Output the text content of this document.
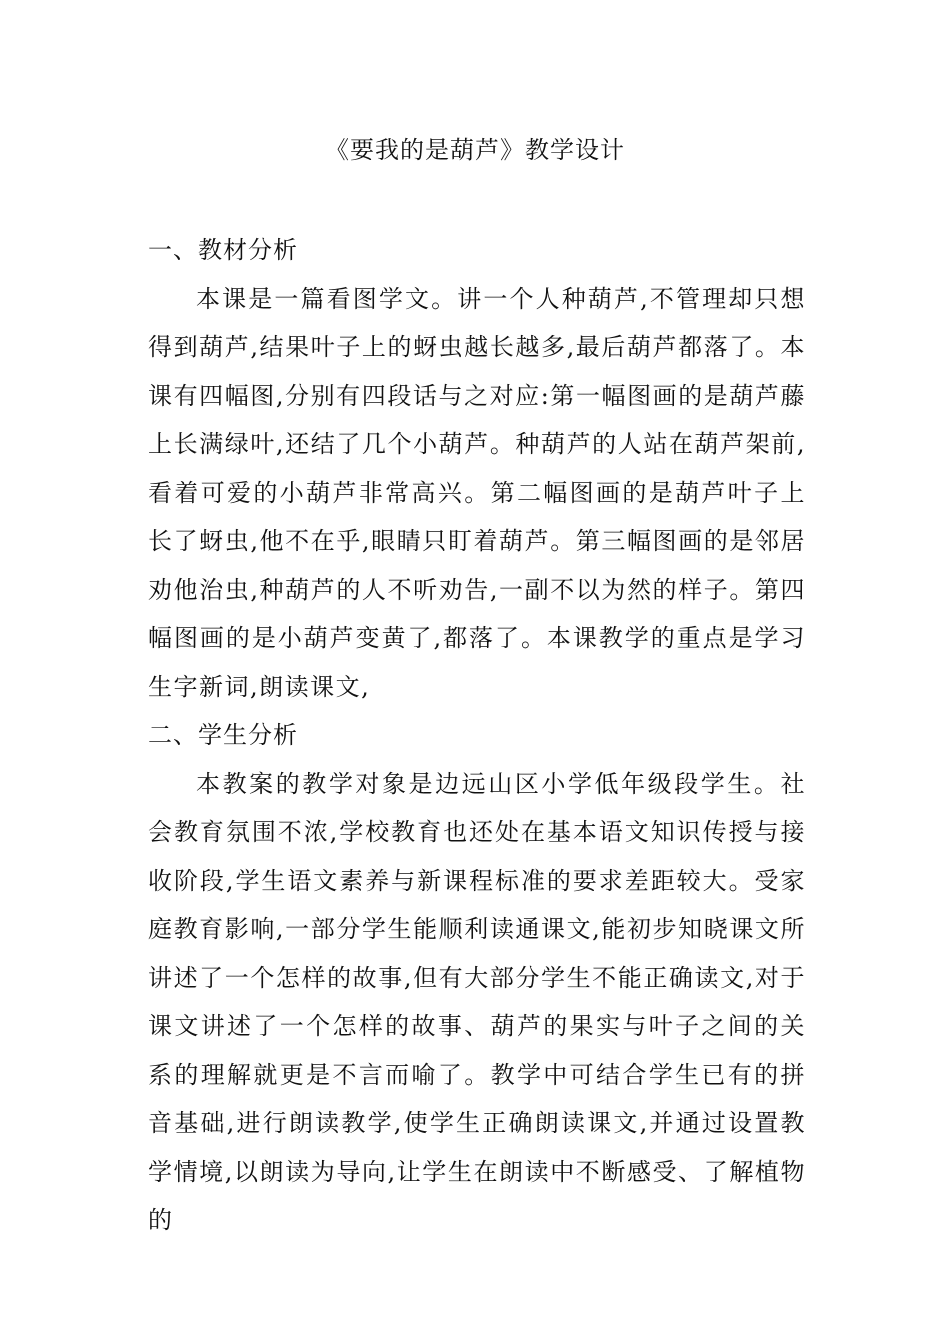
《要我的是葫芦》教学设计

一、教材分析

本课是一篇看图学文。讲一个人种葫芦,不管理却只想得到葫芦,结果叶子上的蚜虫越长越多,最后葫芦都落了。本课有四幅图,分别有四段话与之对应:第一幅图画的是葫芦藤上长满绿叶,还结了几个小葫芦。种葫芦的人站在葫芦架前,看着可爱的小葫芦非常高兴。第二幅图画的是葫芦叶子上长了蚜虫,他不在乎,眼睛只盯着葫芦。第三幅图画的是邻居劝他治虫,种葫芦的人不听劝告,一副不以为然的样子。第四幅图画的是小葫芦变黄了,都落了。本课教学的重点是学习生字新词,朗读课文,

二、学生分析

本教案的教学对象是边远山区小学低年级段学生。社会教育氛围不浓,学校教育也还处在基本语文知识传授与接收阶段,学生语文素养与新课程标准的要求差距较大。受家庭教育影响,一部分学生能顺利读通课文,能初步知晓课文所讲述了一个怎样的故事,但有大部分学生不能正确读文,对于课文讲述了一个怎样的故事、葫芦的果实与叶子之间的关系的理解就更是不言而喻了。教学中可结合学生已有的拼音基础,进行朗读教学,使学生正确朗读课文,并通过设置教学情境,以朗读为导向,让学生在朗读中不断感受、了解植物的
